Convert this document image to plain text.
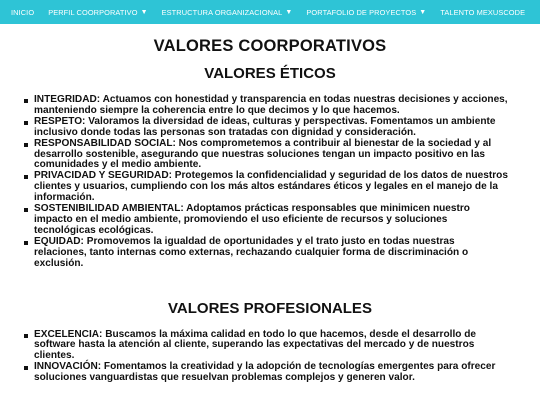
INICIO PERFIL COORPORATIVO ▼ ESTRUCTURA ORGANIZACIONAL ▼ PORTAFOLIO DE PROYECTOS ▼ TALENTO MEXUSCODE
VALORES COORPORATIVOS
VALORES ÉTICOS
INTEGRIDAD: Actuamos con honestidad y transparencia en todas nuestras decisiones y acciones, manteniendo siempre la coherencia entre lo que decimos y lo que hacemos.
RESPETO: Valoramos la diversidad de ideas, culturas y perspectivas. Fomentamos un ambiente inclusivo donde todas las personas son tratadas con dignidad y consideración.
RESPONSABILIDAD SOCIAL: Nos comprometemos a contribuir al bienestar de la sociedad y al desarrollo sostenible, asegurando que nuestras soluciones tengan un impacto positivo en las comunidades y el medio ambiente.
PRIVACIDAD Y SEGURIDAD: Protegemos la confidencialidad y seguridad de los datos de nuestros clientes y usuarios, cumpliendo con los más altos estándares éticos y legales en el manejo de la información.
SOSTENIBILIDAD AMBIENTAL: Adoptamos prácticas responsables que minimicen nuestro impacto en el medio ambiente, promoviendo el uso eficiente de recursos y soluciones tecnológicas ecológicas.
EQUIDAD: Promovemos la igualdad de oportunidades y el trato justo en todas nuestras relaciones, tanto internas como externas, rechazando cualquier forma de discriminación o exclusión.
VALORES PROFESIONALES
EXCELENCIA: Buscamos la máxima calidad en todo lo que hacemos, desde el desarrollo de software hasta la atención al cliente, superando las expectativas del mercado y de nuestros clientes.
INNOVACIÓN: Fomentamos la creatividad y la adopción de tecnologías emergentes para ofrecer soluciones vanguardistas que resuelvan problemas complejos y generen valor.
